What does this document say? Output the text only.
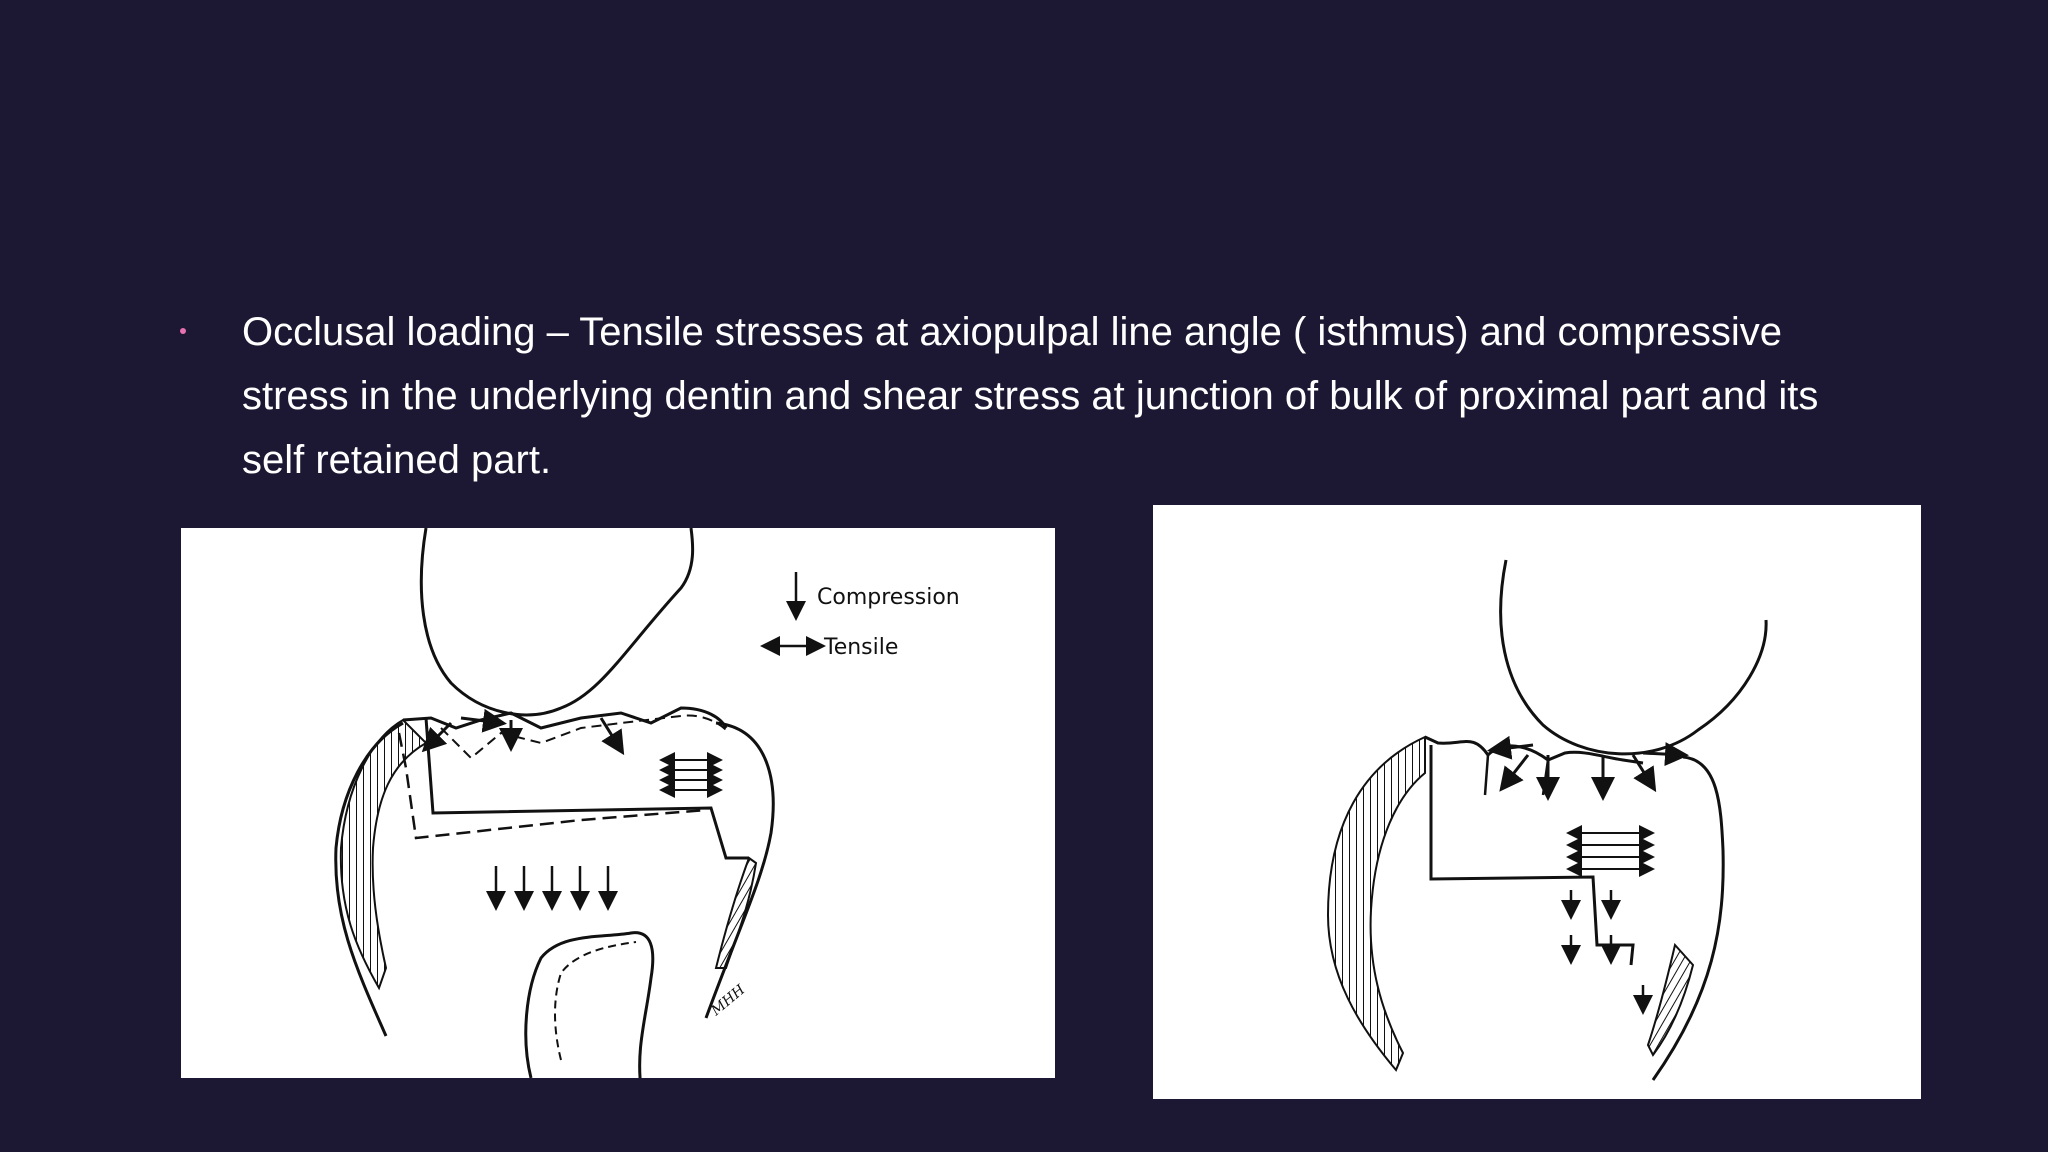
Occlusal loading – Tensile stresses at axiopulpal line angle ( isthmus) and compressive stress in the underlying dentin and shear stress at junction of bulk of proximal part and its self retained part.
Compression
Tensile
MHH
